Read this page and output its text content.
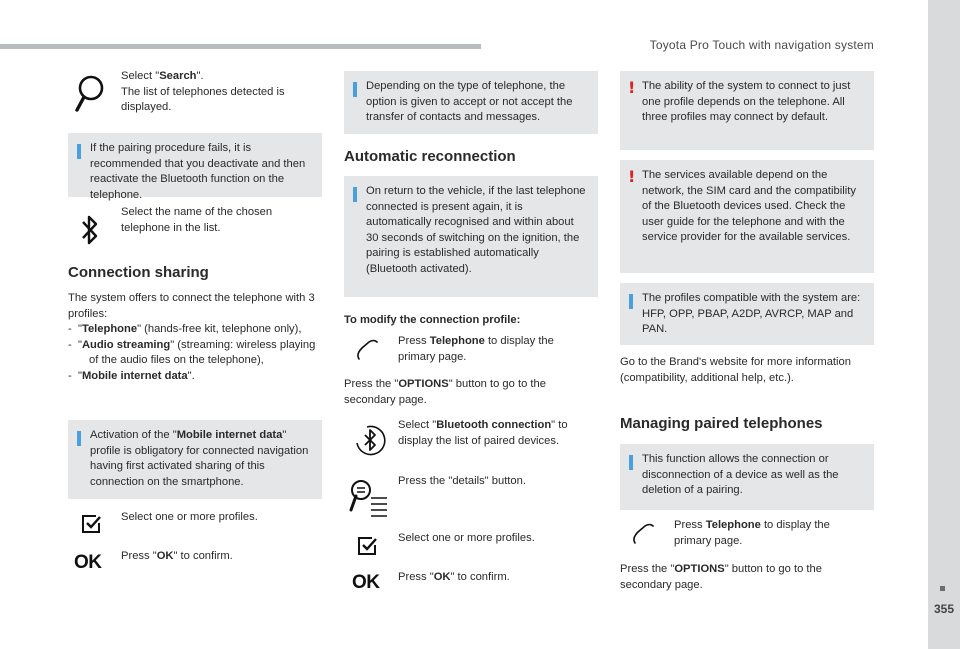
Toyota Pro Touch with navigation system
355
Select "Search".
The list of telephones detected is displayed.
If the pairing procedure fails, it is recommended that you deactivate and then reactivate the Bluetooth function on the telephone.
Select the name of the chosen telephone in the list.
Connection sharing
The system offers to connect the telephone with 3 profiles:
- "Telephone" (hands-free kit, telephone only),
- "Audio streaming" (streaming: wireless playing of the audio files on the telephone),
- "Mobile internet data".
Activation of the "Mobile internet data" profile is obligatory for connected navigation having first activated sharing of this connection on the smartphone.
Select one or more profiles.
OK Press "OK" to confirm.
Depending on the type of telephone, the option is given to accept or not accept the transfer of contacts and messages.
Automatic reconnection
On return to the vehicle, if the last telephone connected is present again, it is automatically recognised and within about 30 seconds of switching on the ignition, the pairing is established automatically (Bluetooth activated).
To modify the connection profile:
Press Telephone to display the primary page.
Press the "OPTIONS" button to go to the secondary page.
Select "Bluetooth connection" to display the list of paired devices.
Press the "details" button.
Select one or more profiles.
OK Press "OK" to confirm.
! The ability of the system to connect to just one profile depends on the telephone. All three profiles may connect by default.
! The services available depend on the network, the SIM card and the compatibility of the Bluetooth devices used. Check the user guide for the telephone and with the service provider for the available services.
The profiles compatible with the system are: HFP, OPP, PBAP, A2DP, AVRCP, MAP and PAN.
Go to the Brand's website for more information (compatibility, additional help, etc.).
Managing paired telephones
This function allows the connection or disconnection of a device as well as the deletion of a pairing.
Press Telephone to display the primary page.
Press the "OPTIONS" button to go to the secondary page.
